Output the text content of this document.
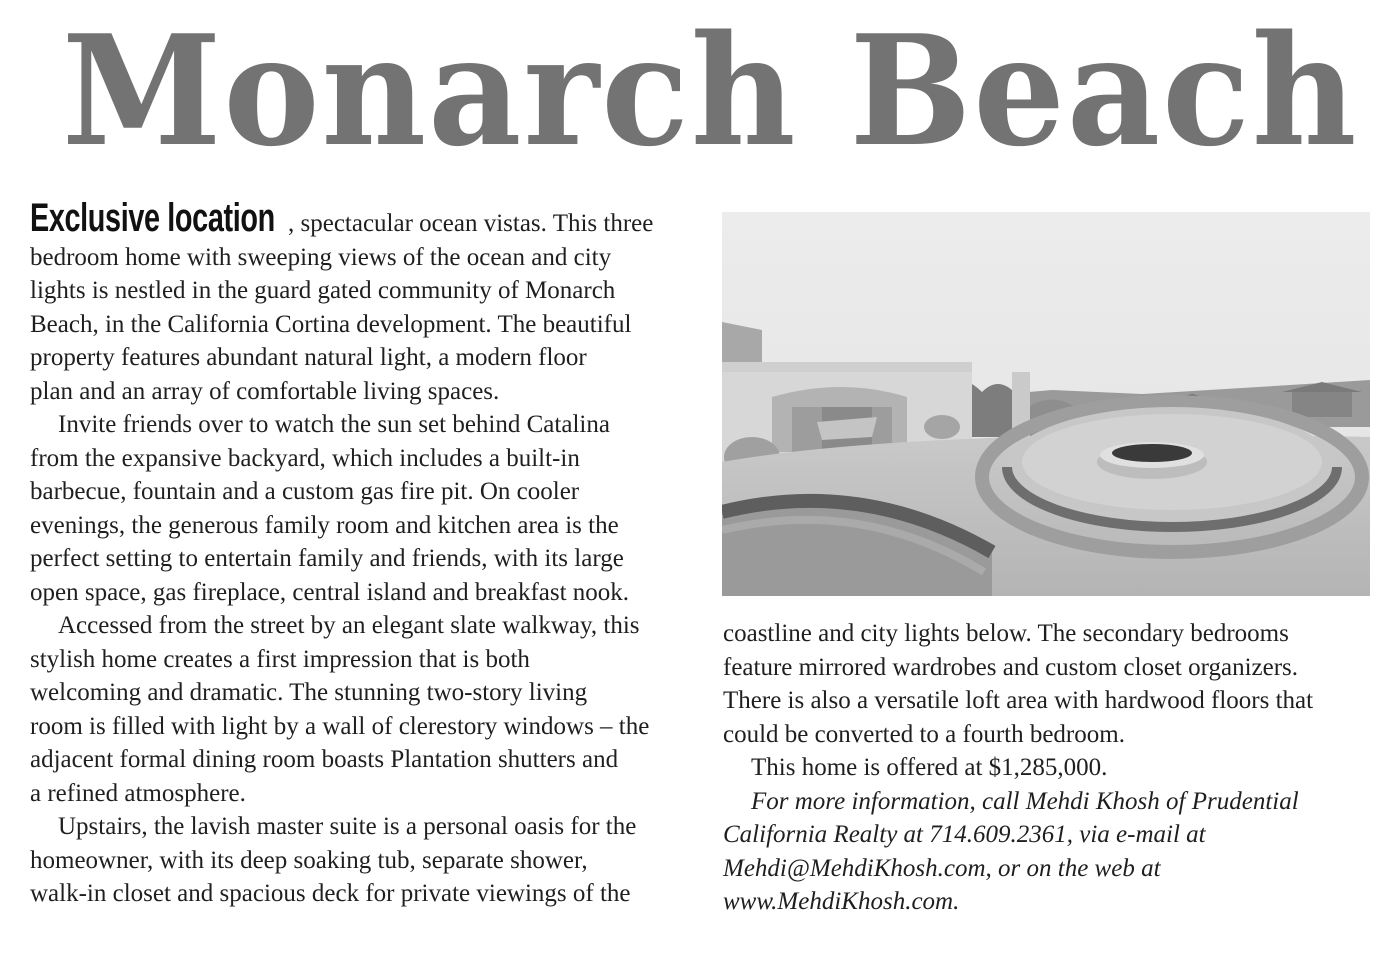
Monarch Beach
Exclusive location , spectacular ocean vistas. This three
bedroom home with sweeping views of the ocean and city
lights is nestled in the guard gated community of Monarch
Beach, in the California Cortina development. The beautiful
property features abundant natural light, a modern floor
plan and an array of comfortable living spaces.
Invite friends over to watch the sun set behind Catalina
from the expansive backyard, which includes a built-in
barbecue, fountain and a custom gas fire pit. On cooler
evenings, the generous family room and kitchen area is the
perfect setting to entertain family and friends, with its large
open space, gas fireplace, central island and breakfast nook.
Accessed from the street by an elegant slate walkway, this
stylish home creates a first impression that is both
welcoming and dramatic. The stunning two-story living
room is filled with light by a wall of clerestory windows – the
adjacent formal dining room boasts Plantation shutters and
a refined atmosphere.
Upstairs, the lavish master suite is a personal oasis for the
homeowner, with its deep soaking tub, separate shower,
walk-in closet and spacious deck for private viewings of the
coastline and city lights below. The secondary bedrooms
feature mirrored wardrobes and custom closet organizers.
There is also a versatile loft area with hardwood floors that
could be converted to a fourth bedroom.
This home is offered at $1,285,000.
For more information, call Mehdi Khosh of Prudential
California Realty at 714.609.2361, via e-mail at
Mehdi@MehdiKhosh.com, or on the web at
www.MehdiKhosh.com.
